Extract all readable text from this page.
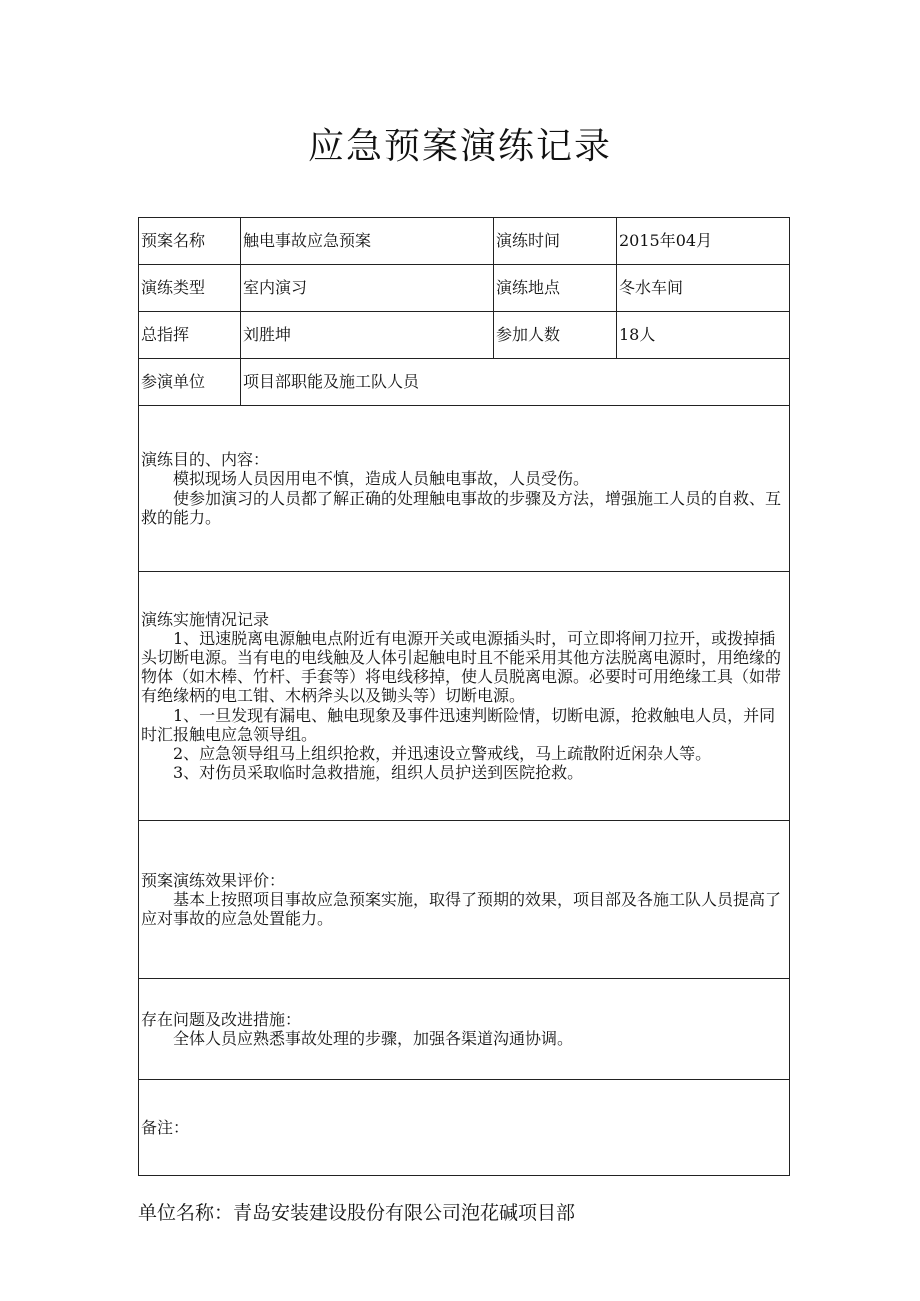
应急预案演练记录
预案名称	触电事故应急预案	演练时间	2015年04月
演练类型	室内演习	演练地点	冬水车间
总指挥	刘胜坤	参加人数	18人
参演单位	项目部职能及施工队人员		

演练目的、内容：
模拟现场人员因用电不慎，造成人员触电事故，人员受伤。
使参加演习的人员都了解正确的处理触电事故的步骤及方法，增强施工人员的自救、互救的能力。			

演练实施情况记录
1、迅速脱离电源触电点附近有电源开关或电源插头时，可立即将闸刀拉开，或拨掉插头切断电源。当有电的电线触及人体引起触电时且不能采用其他方法脱离电源时，用绝缘的物体（如木棒、竹杆、手套等）将电线移掉，使人员脱离电源。必要时可用绝缘工具（如带有绝缘柄的电工钳、木柄斧头以及锄头等）切断电源。
1、一旦发现有漏电、触电现象及事件迅速判断险情，切断电源，抢救触电人员，并同时汇报触电应急领导组。
2、应急领导组马上组织抢救，并迅速设立警戒线，马上疏散附近闲杂人等。
3、对伤员采取临时急救措施，组织人员护送到医院抢救。			

预案演练效果评价：
基本上按照项目事故应急预案实施，取得了预期的效果，项目部及各施工队人员提高了应对事故的应急处置能力。			

存在问题及改进措施：
全体人员应熟悉事故处理的步骤，加强各渠道沟通协调。			

备注：			
单位名称：青岛安装建设股份有限公司泡花碱项目部
